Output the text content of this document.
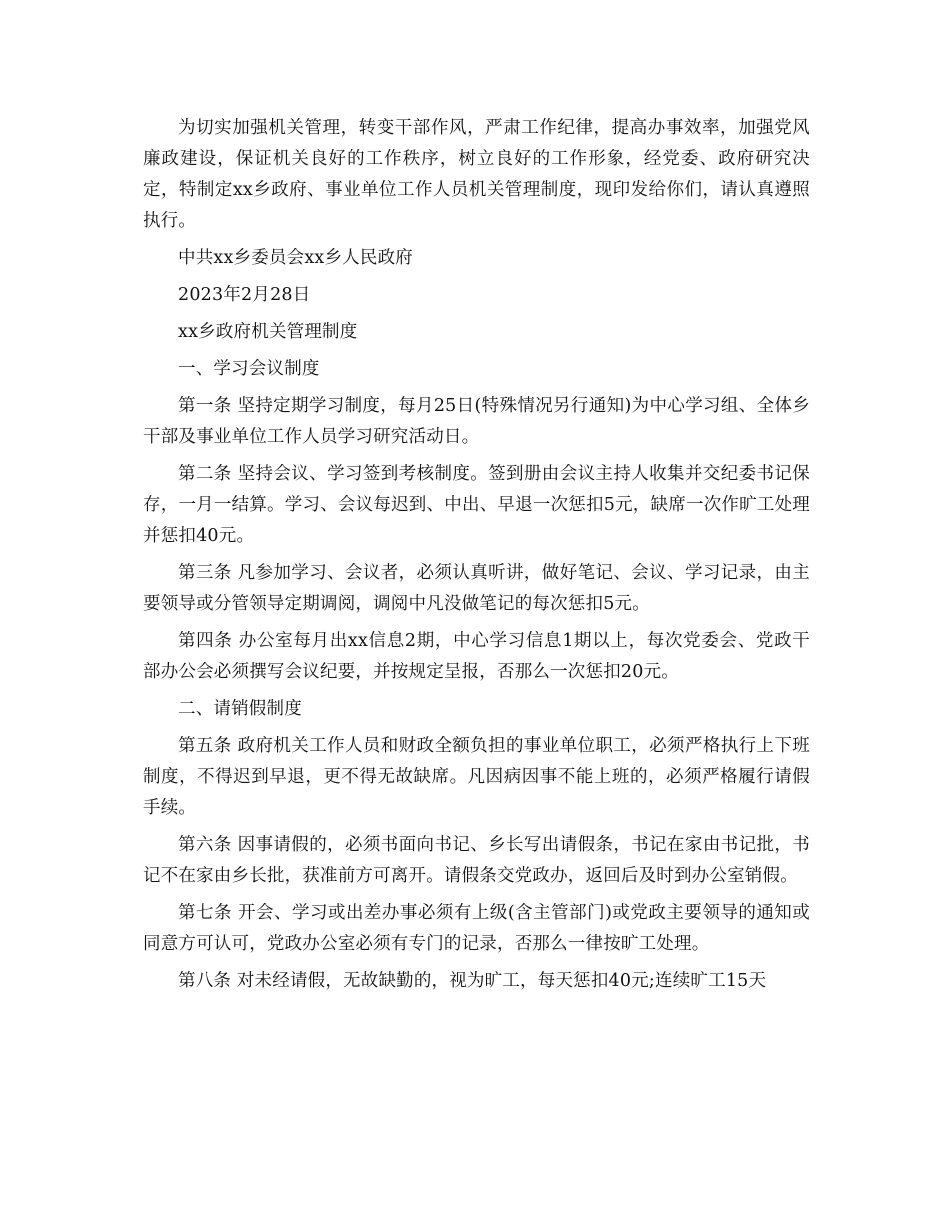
为切实加强机关管理，转变干部作风，严肃工作纪律，提高办事效率，加强党风廉政建设，保证机关良好的工作秩序，树立良好的工作形象，经党委、政府研究决定，特制定xx乡政府、事业单位工作人员机关管理制度，现印发给你们，请认真遵照执行。

中共xx乡委员会xx乡人民政府

2023年2月28日

xx乡政府机关管理制度

一、学习会议制度

第一条 坚持定期学习制度，每月25日(特殊情况另行通知)为中心学习组、全体乡干部及事业单位工作人员学习研究活动日。

第二条 坚持会议、学习签到考核制度。签到册由会议主持人收集并交纪委书记保存，一月一结算。学习、会议每迟到、中出、早退一次惩扣5元，缺席一次作旷工处理并惩扣40元。

第三条 凡参加学习、会议者，必须认真听讲，做好笔记、会议、学习记录，由主要领导或分管领导定期调阅，调阅中凡没做笔记的每次惩扣5元。

第四条 办公室每月出xx信息2期，中心学习信息1期以上，每次党委会、党政干部办公会必须撰写会议纪要，并按规定呈报，否那么一次惩扣20元。

二、请销假制度

第五条 政府机关工作人员和财政全额负担的事业单位职工，必须严格执行上下班制度，不得迟到早退，更不得无故缺席。凡因病因事不能上班的，必须严格履行请假手续。

第六条 因事请假的，必须书面向书记、乡长写出请假条，书记在家由书记批，书记不在家由乡长批，获准前方可离开。请假条交党政办，返回后及时到办公室销假。

第七条 开会、学习或出差办事必须有上级(含主管部门)或党政主要领导的通知或同意方可认可，党政办公室必须有专门的记录，否那么一律按旷工处理。

第八条 对未经请假，无故缺勤的，视为旷工，每天惩扣40元;连续旷工15天
